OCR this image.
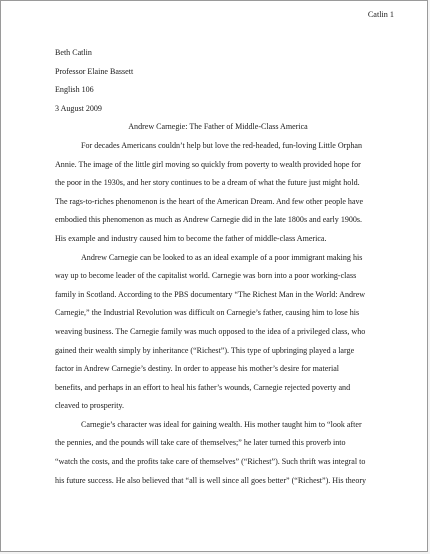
Catlin 1
Beth Catlin
Professor Elaine Bassett
English 106
3 August 2009
Andrew Carnegie: The Father of Middle-Class America
For decades Americans couldn’t help but love the red-headed, fun-loving Little Orphan
Annie. The image of the little girl moving so quickly from poverty to wealth provided hope for
the poor in the 1930s, and her story continues to be a dream of what the future just might hold.
The rags-to-riches phenomenon is the heart of the American Dream. And few other people have
embodied this phenomenon as much as Andrew Carnegie did in the late 1800s and early 1900s.
His example and industry caused him to become the father of middle-class America.
Andrew Carnegie can be looked to as an ideal example of a poor immigrant making his
way up to become leader of the capitalist world. Carnegie was born into a poor working-class
family in Scotland. According to the PBS documentary “The Richest Man in the World: Andrew
Carnegie,” the Industrial Revolution was difficult on Carnegie’s father, causing him to lose his
weaving business. The Carnegie family was much opposed to the idea of a privileged class, who
gained their wealth simply by inheritance (“Richest”). This type of upbringing played a large
factor in Andrew Carnegie’s destiny. In order to appease his mother’s desire for material
benefits, and perhaps in an effort to heal his father’s wounds, Carnegie rejected poverty and
cleaved to prosperity.
Carnegie’s character was ideal for gaining wealth. His mother taught him to “look after
the pennies, and the pounds will take care of themselves;” he later turned this proverb into
“watch the costs, and the profits take care of themselves” (“Richest”). Such thrift was integral to
his future success. He also believed that “all is well since all goes better” (“Richest”). His theory
